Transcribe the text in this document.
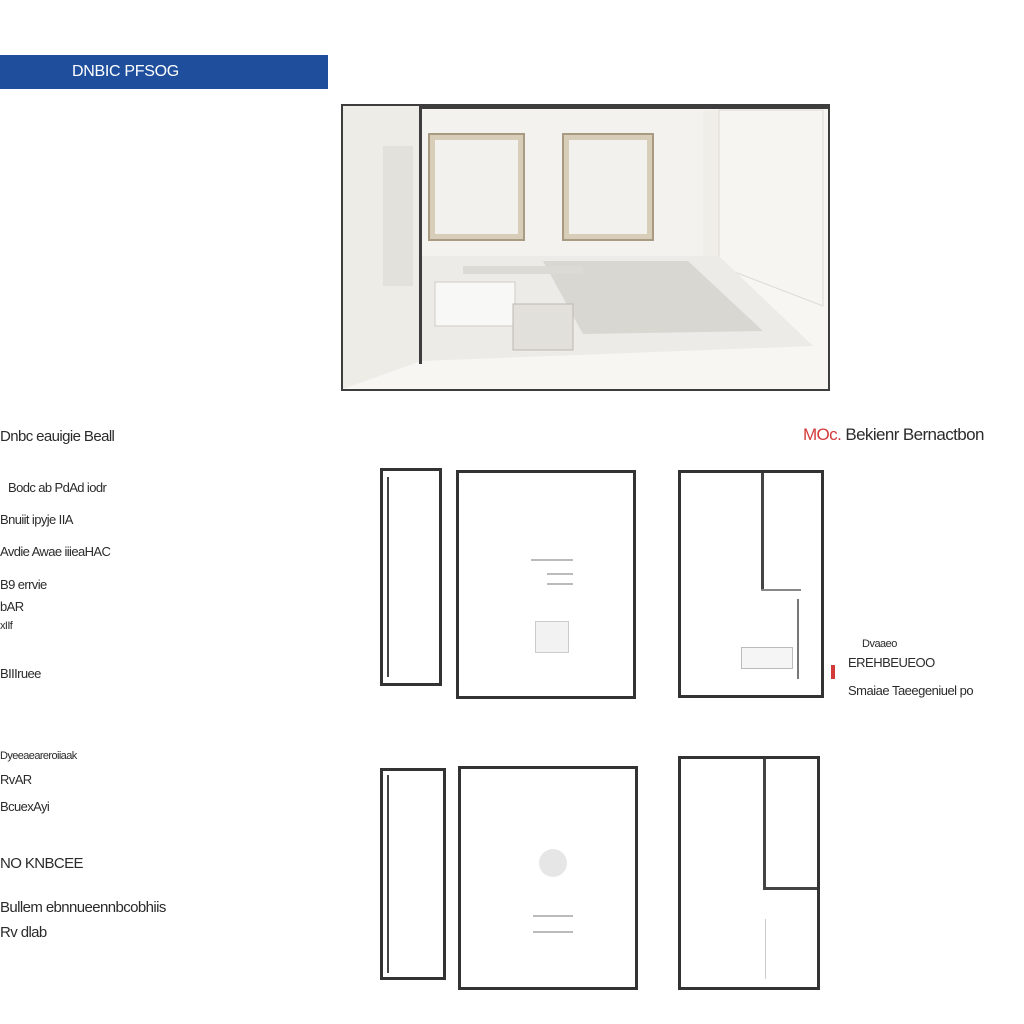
DNBIC PFSOG
Dnbc eauigie Beall
Bodc ab PdAd iodr
Bnuiit ipyje IIA
Avdie Awae iiieaHAC
B9 errvie
bAR
xIIf
BIIIruee
Dyeeaeareroiiaak
RvAR
BcuexAyi
NO KNBCEE
Bullem ebnnueennbcobhiis
Rv dlab
MOc. Bekienr Bernactbon
Dvaaeo
EREHBEUEOO
Smaiae Taeegeniuel po
